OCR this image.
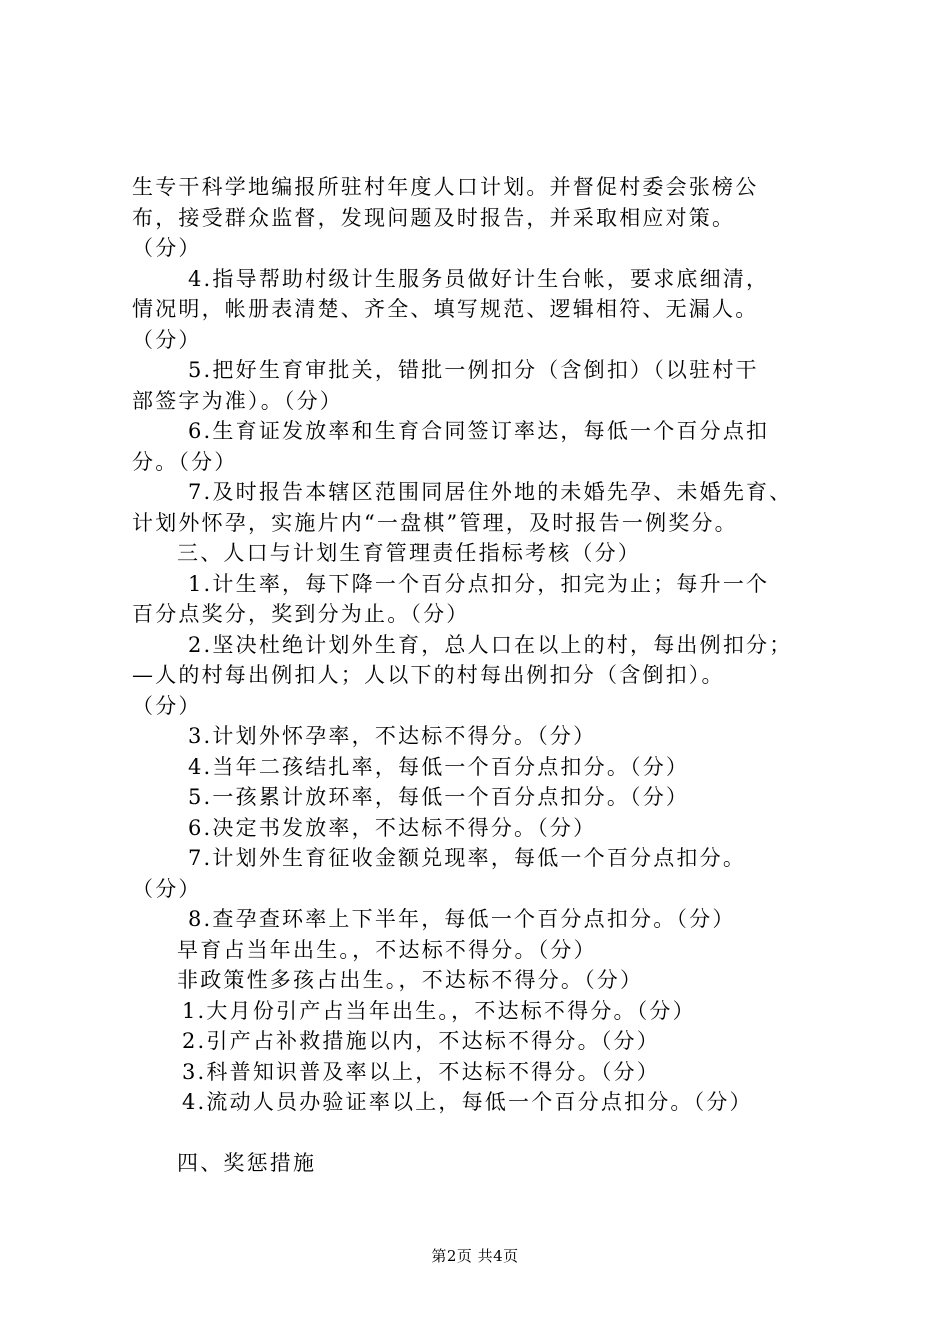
生专干科学地编报所驻村年度人口计划。并督促村委会张榜公
布，接受群众监督，发现问题及时报告，并采取相应对策。
（分）
4.指导帮助村级计生服务员做好计生台帐，要求底细清，
情况明，帐册表清楚、齐全、填写规范、逻辑相符、无漏人。
（分）
5.把好生育审批关，错批一例扣分（含倒扣）（以驻村干
部签字为准）。（分）
6.生育证发放率和生育合同签订率达，每低一个百分点扣
分。（分）
7.及时报告本辖区范围同居住外地的未婚先孕、未婚先育、
计划外怀孕，实施片内“一盘棋”管理，及时报告一例奖分。
三、人口与计划生育管理责任指标考核（分）
1.计生率，每下降一个百分点扣分，扣完为止；每升一个
百分点奖分，奖到分为止。（分）
2.坚决杜绝计划外生育，总人口在以上的村，每出例扣分；
—人的村每出例扣人；人以下的村每出例扣分（含倒扣）。
（分）
3.计划外怀孕率，不达标不得分。（分）
4.当年二孩结扎率，每低一个百分点扣分。（分）
5.一孩累计放环率，每低一个百分点扣分。（分）
6.决定书发放率，不达标不得分。（分）
7.计划外生育征收金额兑现率，每低一个百分点扣分。
（分）
8.查孕查环率上下半年，每低一个百分点扣分。（分）
早育占当年出生。，不达标不得分。（分）
非政策性多孩占出生。，不达标不得分。（分）
1.大月份引产占当年出生。，不达标不得分。（分）
2.引产占补救措施以内，不达标不得分。（分）
3.科普知识普及率以上，不达标不得分。（分）
4.流动人员办验证率以上，每低一个百分点扣分。（分）
四、奖惩措施
第2页 共4页
